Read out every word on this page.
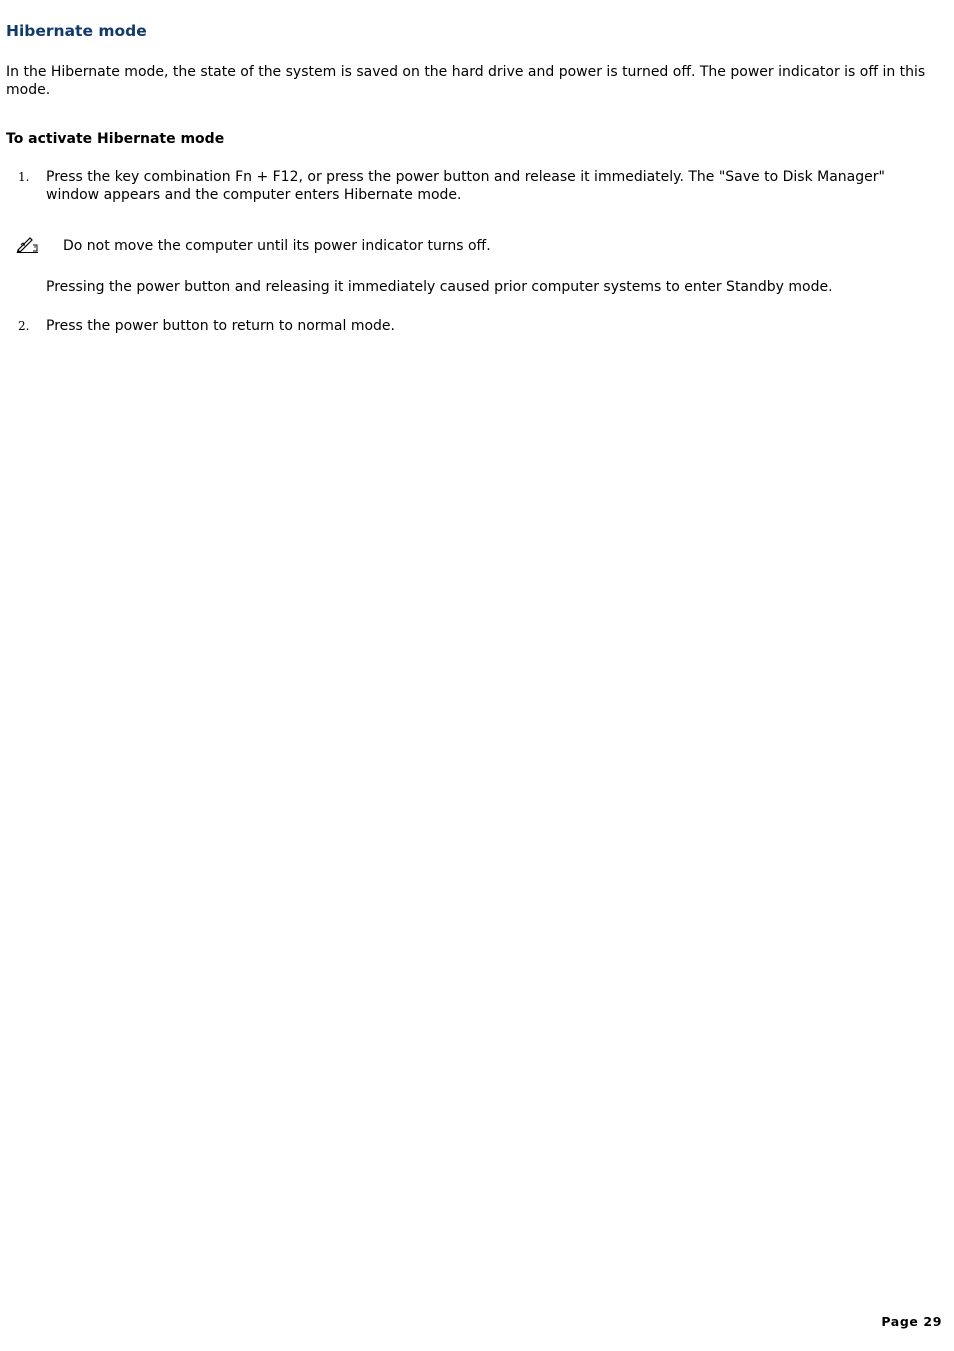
Hibernate mode

In the Hibernate mode, the state of the system is saved on the hard drive and power is turned off. The power indicator is off in this mode.

To activate Hibernate mode
1. Press the key combination Fn + F12, or press the power button and release it immediately. The "Save to Disk Manager" window appears and the computer enters Hibernate mode.
Do not move the computer until its power indicator turns off.
Pressing the power button and releasing it immediately caused prior computer systems to enter Standby mode.
2. Press the power button to return to normal mode.
Page 29
